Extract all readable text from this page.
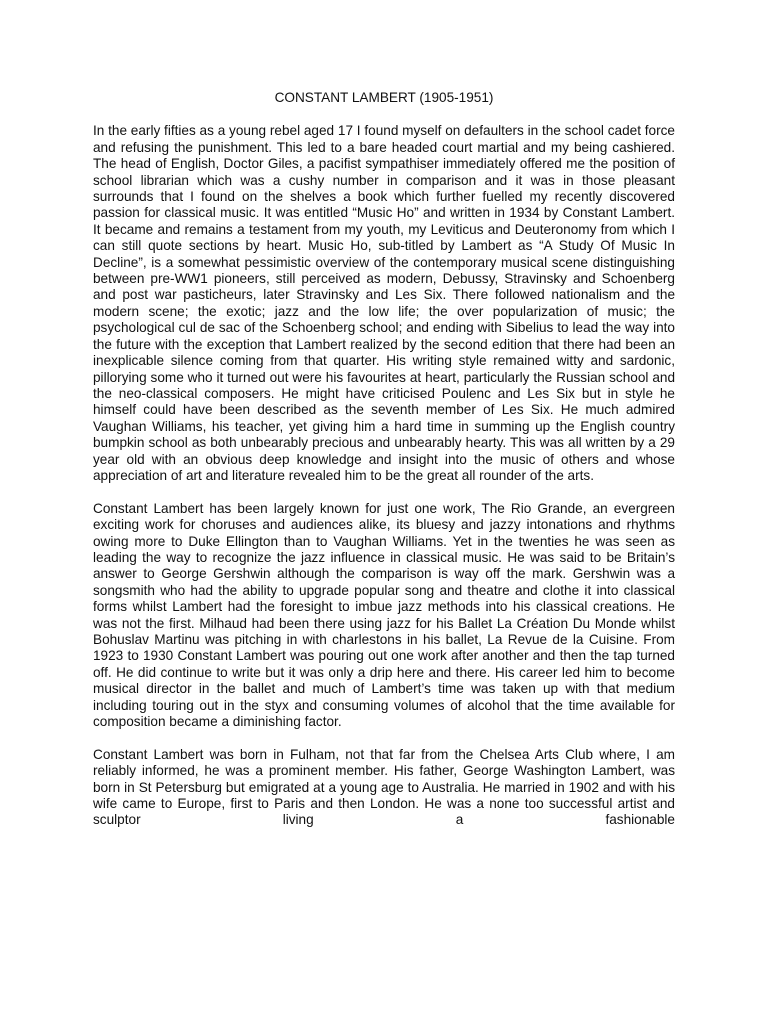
CONSTANT LAMBERT (1905-1951)

In the early fifties as a young rebel aged 17 I found myself on defaulters in the school cadet force and refusing the punishment. This led to a bare headed court martial and my being cashiered. The head of English, Doctor Giles, a pacifist sympathiser immediately offered me the position of school librarian which was a cushy number in comparison and it was in those pleasant surrounds that I found on the shelves a book which further fuelled my recently discovered passion for classical music. It was entitled “Music Ho” and written in 1934 by Constant Lambert. It became and remains a testament from my youth, my Leviticus and Deuteronomy from which I can still quote sections by heart. Music Ho, sub-titled by Lambert as “A Study Of Music In Decline”, is a somewhat pessimistic overview of the contemporary musical scene distinguishing between pre-WW1 pioneers, still perceived as modern, Debussy, Stravinsky and Schoenberg and post war pasticheurs, later Stravinsky and Les Six. There followed nationalism and the modern scene; the exotic; jazz and the low life; the over popularization of music; the psychological cul de sac of the Schoenberg school; and ending with Sibelius to lead the way into the future with the exception that Lambert realized by the second edition that there had been an inexplicable silence coming from that quarter. His writing style remained witty and sardonic, pillorying some who it turned out were his favourites at heart, particularly the Russian school and the neo-classical composers. He might have criticised Poulenc and Les Six but in style he himself could have been described as the seventh member of Les Six. He much admired Vaughan Williams, his teacher, yet giving him a hard time in summing up the English country bumpkin school as both unbearably precious and unbearably hearty. This was all written by a 29 year old with an obvious deep knowledge and insight into the music of others and whose appreciation of art and literature revealed him to be the great all rounder of the arts.

Constant Lambert has been largely known for just one work, The Rio Grande, an evergreen exciting work for choruses and audiences alike, its bluesy and jazzy intonations and rhythms owing more to Duke Ellington than to Vaughan Williams. Yet in the twenties he was seen as leading the way to recognize the jazz influence in classical music. He was said to be Britain’s answer to George Gershwin although the comparison is way off the mark. Gershwin was a songsmith who had the ability to upgrade popular song and theatre and clothe it into classical forms whilst Lambert had the foresight to imbue jazz methods into his classical creations. He was not the first. Milhaud had been there using jazz for his Ballet La Création Du Monde whilst Bohuslav Martinu was pitching in with charlestons in his ballet, La Revue de la Cuisine. From 1923 to 1930 Constant Lambert was pouring out one work after another and then the tap turned off. He did continue to write but it was only a drip here and there. His career led him to become musical director in the ballet and much of Lambert’s time was taken up with that medium including touring out in the styx and consuming volumes of alcohol that the time available for composition became a diminishing factor.

Constant Lambert was born in Fulham, not that far from the Chelsea Arts Club where, I am reliably informed, he was a prominent member. His father, George Washington Lambert, was born in St Petersburg but emigrated at a young age to Australia. He married in 1902 and with his wife came to Europe, first to Paris and then London. He was a none too successful artist and sculptor living a fashionable
